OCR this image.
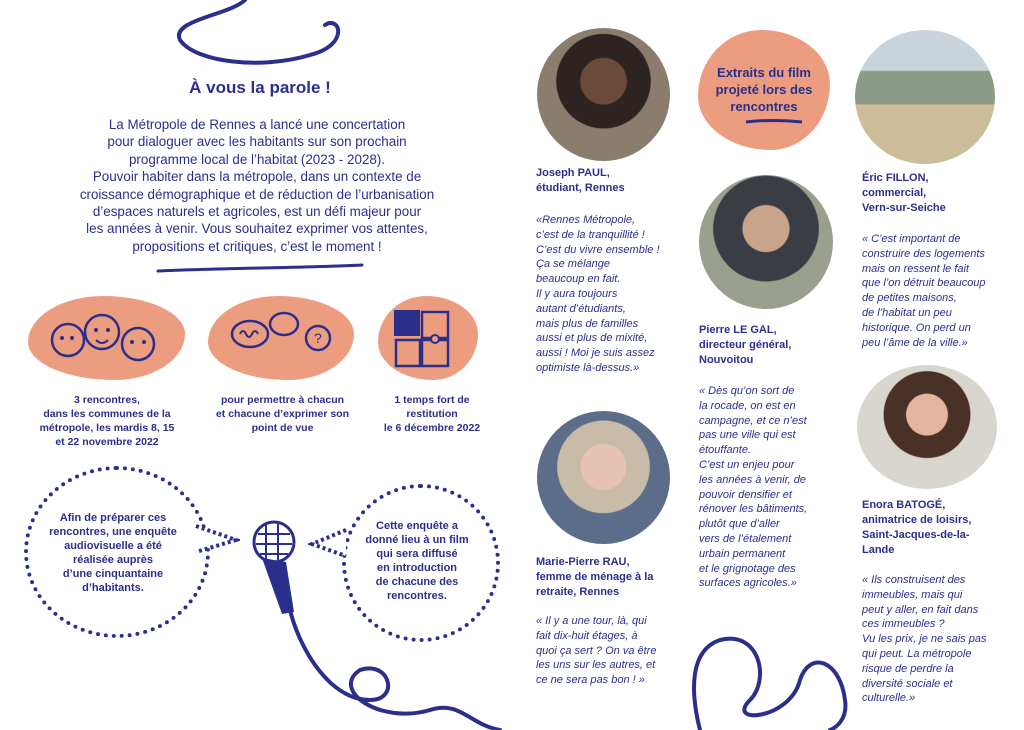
À vous la parole !
La Métropole de Rennes a lancé une concertation
pour dialoguer avec les habitants sur son prochain
programme local de l’habitat (2023 - 2028).
Pouvoir habiter dans la métropole, dans un contexte de
croissance démographique et de réduction de l’urbanisation
d’espaces naturels et agricoles, est un défi majeur pour
les années à venir. Vous souhaitez exprimer vos attentes,
propositions et critiques, c’est le moment !
3 rencontres,
dans les communes de la
métropole, les mardis 8, 15
et 22 novembre 2022
?
pour permettre à chacun
et chacune d’exprimer son
point de vue
1 temps fort de
restitution
le 6 décembre 2022
Afin de préparer ces
rencontres, une enquête
audiovisuelle a été
réalisée auprès
d’une cinquantaine
d’habitants.
Cette enquête a
donné lieu à un film
qui sera diffusé
en introduction
de chacune des
rencontres.
Extraits du film
projeté lors des
rencontres
Joseph PAUL,
étudiant, Rennes
«Rennes Métropole,
c’est de la tranquillité !
C’est du vivre ensemble !
Ça se mélange
beaucoup en fait.
Il y aura toujours
autant d’étudiants,
mais plus de familles
aussi et plus de mixité,
aussi ! Moi je suis assez
optimiste là-dessus.»
Éric FILLON,
commercial,
Vern-sur-Seiche
« C’est important de
construire des logements
mais on ressent le fait
que l’on détruit beaucoup
de petites maisons,
de l’habitat un peu
historique. On perd un
peu l’âme de la ville.»
Pierre LE GAL,
directeur général,
Nouvoitou
« Dès qu’on sort de
la rocade, on est en
campagne, et ce n’est
pas une ville qui est
étouffante.
C’est un enjeu pour
les années à venir, de
pouvoir densifier et
rénover les bâtiments,
plutôt que d’aller
vers de l’étalement
urbain permanent
et le grignotage des
surfaces agricoles.»
Marie-Pierre RAU,
femme de ménage à la
retraite, Rennes
« Il y a une tour, là, qui
fait dix-huit étages, à
quoi ça sert ? On va être
les uns sur les autres, et
ce ne sera pas bon ! »
Enora BATOGÉ,
animatrice de loisirs,
Saint-Jacques-de-la-
Lande
« Ils construisent des
immeubles, mais qui
peut y aller, en fait dans
ces immeubles ?
Vu les prix, je ne sais pas
qui peut. La métropole
risque de perdre la
diversité sociale et
culturelle.»
